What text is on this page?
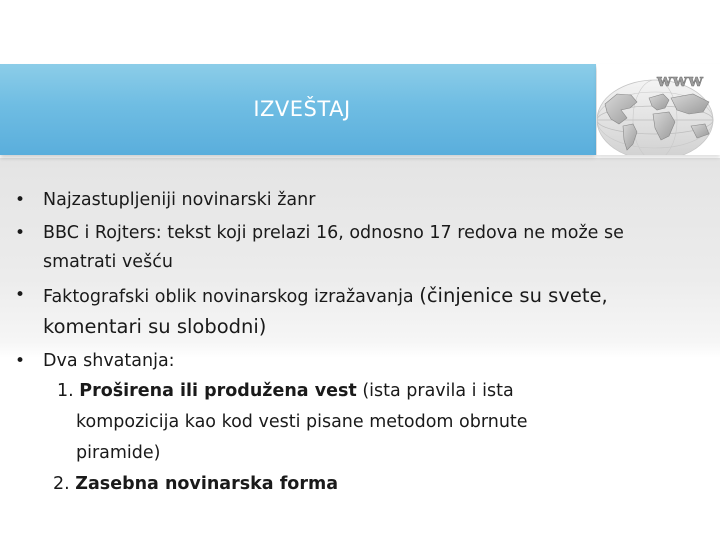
IZVEŠTAJ
www
• Najzastupljeniji novinarski žanr
• BBC i Rojters: tekst koji prelazi 16, odnosno 17 redova ne može se smatrati vešću
• Faktografski oblik novinarskog izražavanja (činjenice su svete, komentari su slobodni)
• Dva shvatanja:
1. Proširena ili produžena vest (ista pravila i ista
kompozicija kao kod vesti pisane metodom obrnute
piramide)
2. Zasebna novinarska forma
